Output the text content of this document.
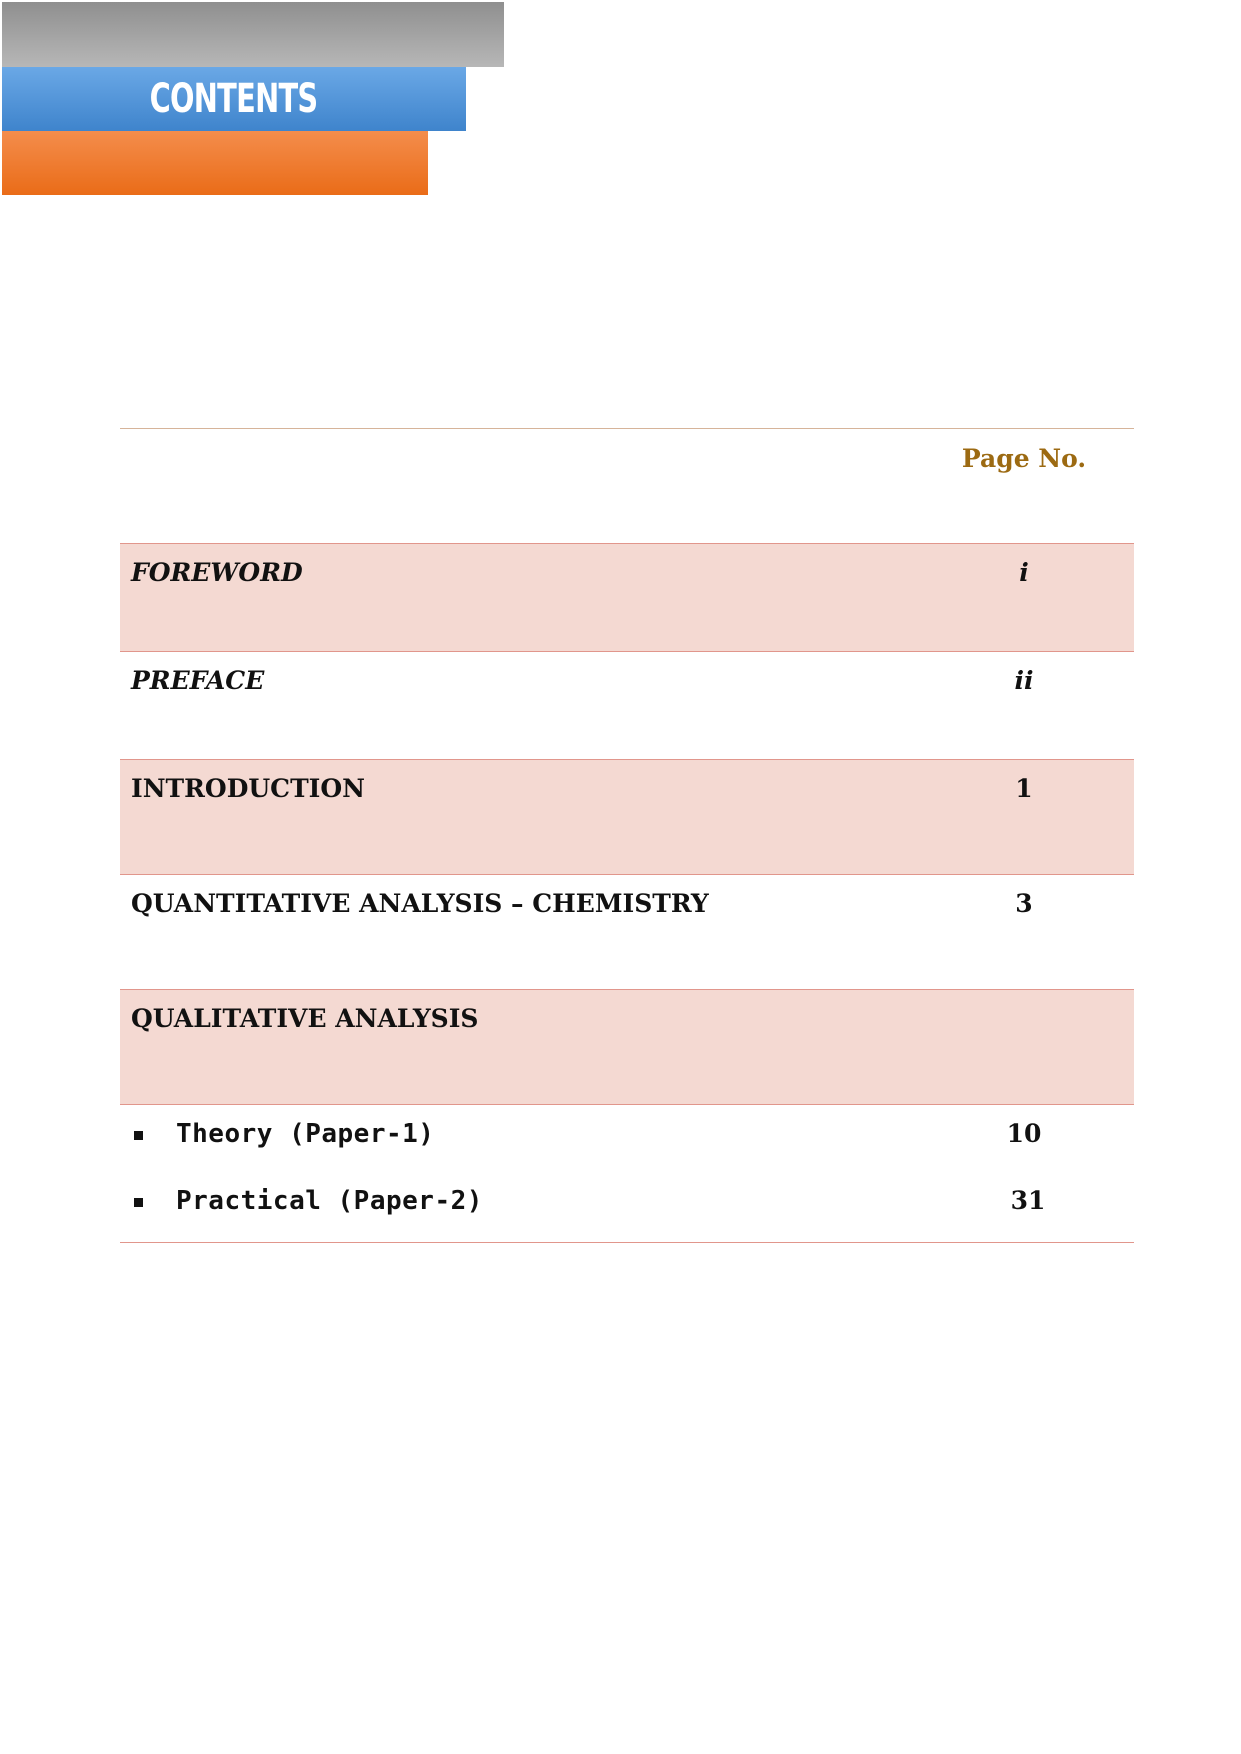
CONTENTS
Page No.
FOREWORD	i
PREFACE	ii
INTRODUCTION	1
QUANTITATIVE ANALYSIS – CHEMISTRY	3
QUALITATIVE ANALYSIS
Theory (Paper-1)	10
Practical (Paper-2)	31
